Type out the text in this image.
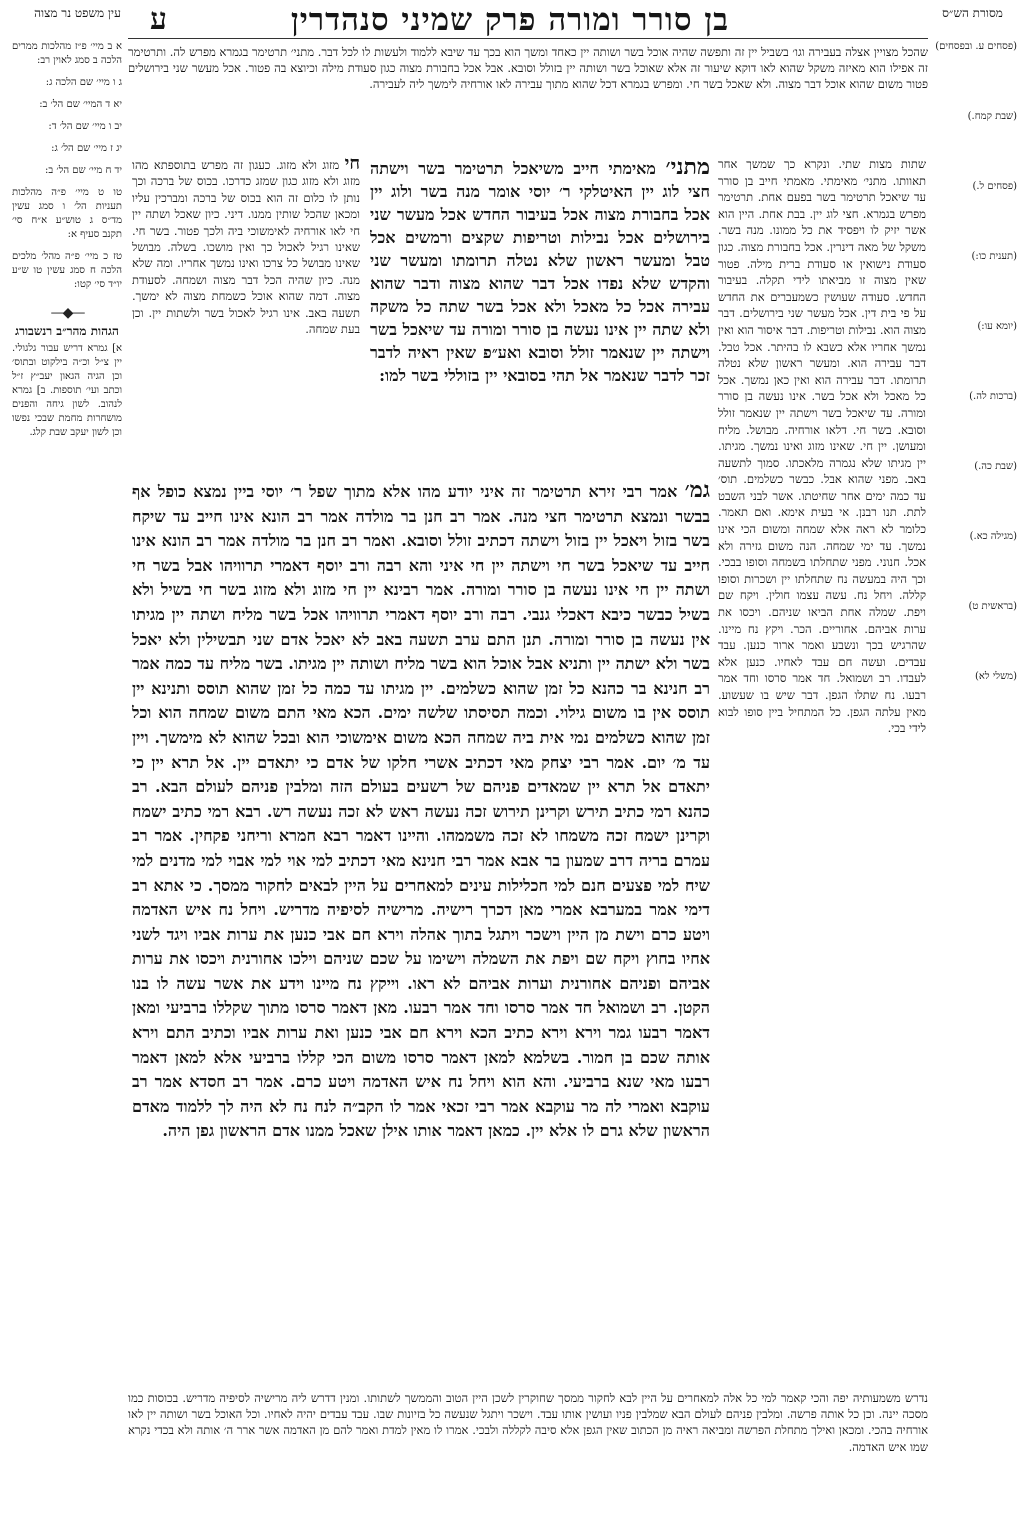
מסורת הש״ס
בן סורר ומורה פרק שמיני סנהדרין
ע
עין משפט נר מצוה
א ב מיי׳ פ״ז מהלכות ממרים הלכה ב סמג לאוין רב:
ג ו מיי׳ שם הלכה ג:
יא ד המיי׳ שם הל׳ ב:
יב ו מיי׳ שם הל׳ ד:
יג ז מיי׳ שם הל׳ ג:
יד ח מיי׳ שם הל׳ ב:
טו ט מיי׳ פ״ה מהלכות תעניות הל׳ ו סמג עשין מד״ס ג טוש״ע א״ח סי׳ תקנב סעיף א:
טז כ מיי׳ פ״ה מהל׳ מלכים הלכה ח סמג עשין טו ש״ע יו״ד סי׳ קטו:
—◆—
הגהות מהר״ב רנשבורג

א] גמרא דריש עבור גלגולי. יין צ״ל וכ״ה בילקוט ובתוס׳ וכן הגיה הגאון יעב״ץ ז״ל וכתב ועי׳ תוספות. ב] גמרא לנהוב. לשון גיחה והפנים מושחרות מחמת שבכי נפשו וכן לשון יעקב שבת קלג.

(פסחים ע. ובפסחים)
(שבת קמח.)
(פסחים ל.)
(תענית כו:)
(יומא עו:)
(ברכות לה.)
(שבת כה.)
(מגילה כא.)
(בראשית ט)
(משלי לא)

שהכל מצויין אצלה בעבירה וגו׳ בשביל יין זה ותפשה שהיה אוכל בשר ושותה יין כאחד ומשך הוא בכך עד שיבא ללמוד ולעשות לו לכל דבר. מתני׳ תרטימר בגמרא מפרש לה. ותרטימר זה אפילו הוא מאיזה משקל שהוא לאו דוקא שיעור זה אלא שאוכל בשר ושותה יין בזולל וסובא. אבל אכל בחבורת מצוה כגון סעודת מילה וכיוצא בה פטור. אכל מעשר שני בירושלים פטור משום שהוא אוכל דבר מצוה. ולא שאכל בשר חי. ומפרש בגמרא דכל שהוא מתוך עבירה לאו אורחיה לימשך ליה לעבירה.

שתות מצות שתי. ונקרא כך שמשך אחר תאוותו. מתני׳ מאימתי. מאמתי חייב בן סורר עד שיאכל תרטימר בשר בפעם אחת. תרטימר מפרש בגמרא. חצי לוג יין. בבת אחת. היין הוא אשר יזיק לו ויפסיד את כל ממונו. מנה בשר. משקל של מאה דינרין. אכל בחבורת מצוה. כגון סעודת נישואין או סעודת ברית מילה. פטור שאין מצוה זו מביאתו לידי תקלה. בעיבור החדש. סעודה שעושין כשמעברים את החדש על פי בית דין. אכל מעשר שני בירושלים. דבר מצוה הוא. נבילות וטריפות. דבר איסור הוא ואין נמשך אחריו אלא כשבא לו בהיתר. אכל טבל. דבר עבירה הוא. ומעשר ראשון שלא נטלה תרומתו. דבר עבירה הוא ואין כאן נמשך. אכל כל מאכל ולא אכל בשר. אינו נעשה בן סורר ומורה. עד שיאכל בשר וישתה יין שנאמר זולל וסובא. בשר חי. דלאו אורחיה. מבושל. מליח ומעושן. יין חי. שאינו מזוג ואינו נמשך. מגיתו. יין מגיתו שלא נגמרה מלאכתו. סמוך לתשעה באב. מפני שהוא אבל. כבשר כשלמים. תוס׳ עד כמה ימים אחר שחיטתו. אשר לבני השבט לתת. תנו רבנן. אי בעית אימא. ואם תאמר. כלומר לא ראה אלא שמחה ומשום הכי אינו נמשך. עד ימי שמחה. הנה משום גזירה ולא אכל. חנוני. מפני שתחלתו בשמחה וסופו בבכי. וכך היה במעשה נח שתחלתו יין ושכרות וסופו קללה. ויחל נח. עשה עצמו חולין. ויקח שם ויפת. שמלה אחת הביאו שניהם. ויכסו את ערות אביהם. אחוריים. הכר. ויקץ נח מיינו. שהרגיש בכך ונשבע ואמר ארור כנען. עבד עבדים. ועשה חם עבד לאחיו. כנען אלא לעבדו. רב ושמואל. חד אמר סרסו וחד אמר רבעו. נח שתלו הגפן. דבר שיש בו שעשוע. מאין עלתה הגפן. כל המתחיל ביין סופו לבוא לידי בכי.

מתני׳ מאימתי חייב משיאכל תרטימר בשר וישתה חצי לוג יין האיטלקי ר׳ יוסי אומר מנה בשר ולוג יין אכל בחבורת מצוה אכל בעיבור החדש אכל מעשר שני בירושלים אכל נבילות וטריפות שקצים ורמשים אכל טבל ומעשר ראשון שלא נטלה תרומתו ומעשר שני והקדש שלא נפדו אכל דבר שהוא מצוה ודבר שהוא עבירה אכל כל מאכל ולא אכל בשר שתה כל משקה ולא שתה יין אינו נעשה בן סורר ומורה עד שיאכל בשר וישתה יין שנאמר זולל וסובא ואע״פ שאין ראיה לדבר זכר לדבר שנאמר אל תהי בסובאי יין בזוללי בשר למו:

חי מזוג ולא מזוג. כעגון זה מפרש בתוספתא מהו מזוג ולא מזוג כגון שמזג כדרכו. בכוס של ברכה וכך נותן לו כלום זה הוא בכוס של ברכה ומברכין עליו ומכאן שהכל שותין ממנו. דיני. כיון שאכל ושתה יין חי לאו אורחיה לאימשוכי ביה ולכך פטור. בשר חי. שאינו רגיל לאכול כך ואין מושכו. בשלה. מבושל שאינו מבושל כל צרכו ואינו נמשך אחריו. ומה שלא מנה. כיון שהיה הכל דבר מצוה ושמחה. לסעודת מצוה. דמה שהוא אוכל כשמחת מצוה לא ימשך. תשעה באב. אינו רגיל לאכול בשר ולשתות יין. וכן בעת שמחה.

גמ׳ אמר רבי זירא תרטימר זה איני יודע מהו אלא מתוך שפל ר׳ יוסי ביין נמצא כופל אף בבשר ונמצא תרטימר חצי מנה. אמר רב חנן בר מולדה אמר רב הונא אינו חייב עד שיקח בשר בזול ויאכל יין בזול וישתה דכתיב זולל וסובא. ואמר רב חנן בר מולדה אמר רב הונא אינו חייב עד שיאכל בשר חי וישתה יין חי איני והא רבה ורב יוסף דאמרי תרוויהו אבל בשר חי ושתה יין חי אינו נעשה בן סורר ומורה. אמר רבינא יין חי מזוג ולא מזוג בשר חי בשיל ולא בשיל כבשר כיבא דאכלי גנבי. רבה ורב יוסף דאמרי תרוויהו אכל בשר מליח ושתה יין מגיתו אין נעשה בן סורר ומורה. תנן התם ערב תשעה באב לא יאכל אדם שני תבשילין ולא יאכל בשר ולא ישתה יין ותניא אבל אוכל הוא בשר מליח ושותה יין מגיתו. בשר מליח עד כמה אמר רב חנינא בר כהנא כל זמן שהוא כשלמים. יין מגיתו עד כמה כל זמן שהוא תוסס ותנינא יין תוסס אין בו משום גילוי. וכמה תסיסתו שלשה ימים. הכא מאי התם משום שמחה הוא וכל זמן שהוא כשלמים נמי אית ביה שמחה הכא משום אימשוכי הוא ובכל שהוא לא מימשך. ויין עד מ׳ יום. אמר רבי יצחק מאי דכתיב אשרי חלקו של אדם כי יתאדם יין. אל תרא יין כי יתאדם אל תרא יין שמאדים פניהם של רשעים בעולם הזה ומלבין פניהם לעולם הבא. רב כהנא רמי כתיב תירש וקרינן תירוש זכה נעשה ראש לא זכה נעשה רש. רבא רמי כתיב ישמח וקרינן ישמח זכה משמחו לא זכה משממהו. והיינו דאמר רבא חמרא וריחני פקחין. אמר רב עמרם בריה דרב שמעון בר אבא אמר רבי חנינא מאי דכתיב למי אוי למי אבוי למי מדנים למי שיח למי פצעים חנם למי חכלילות עינים למאחרים על היין לבאים לחקור ממסך. כי אתא רב דימי אמר במערבא אמרי מאן דכרך רישיה. מרישיה לסיפיה מדריש. ויחל נח איש האדמה ויטע כרם וישת מן היין וישכר ויתגל בתוך אהלה וירא חם אבי כנען את ערות אביו ויגד לשני אחיו בחוץ ויקח שם ויפת את השמלה וישימו על שכם שניהם וילכו אחורנית ויכסו את ערות אביהם ופניהם אחורנית וערות אביהם לא ראו. וייקץ נח מיינו וידע את אשר עשה לו בנו הקטן. רב ושמואל חד אמר סרסו וחד אמר רבעו. מאן דאמר סרסו מתוך שקללו ברביעי ומאן דאמר רבעו גמר וירא וירא כתיב הכא וירא חם אבי כנען ואת ערות אביו וכתיב התם וירא אותה שכם בן חמור. בשלמא למאן דאמר סרסו משום הכי קללו ברביעי אלא למאן דאמר רבעו מאי שנא ברביעי. והא הוא ויחל נח איש האדמה ויטע כרם. אמר רב חסדא אמר רב עוקבא ואמרי לה מר עוקבא אמר רבי זכאי אמר לו הקב״ה לנח נח לא היה לך ללמוד מאדם הראשון שלא גרם לו אלא יין. כמאן דאמר אותו אילן שאכל ממנו אדם הראשון גפן היה.

נדרש משמעותיה יפה והכי קאמר למי כל אלה למאחרים על היין לבא לחקור ממסך שחוקרין לשכן היין הטוב והממשך לשתותו. ומנין דדרש ליה מרישיה לסיפיה מדריש. בכוסות כמו מסכה יינה. וכן כל אותה פרשה. ומלבין פניהם לעולם הבא שמלבין פניו ועושין אותו עבד. וישכר ויתגל שנעשה כל בזיונות שבו. עבד עבדים יהיה לאחיו. וכל האוכל בשר ושותה יין לאו אורחיה בהכי. ומכאן ואילך מתחלת הפרשה ומביאה ראיה מן הכתוב שאין הגפן אלא סיבה לקללה ולבכי. אמרו לו מאין למדת ואמר להם מן האדמה אשר ארר ה׳ אותה ולא בכדי נקרא שמו איש האדמה.
